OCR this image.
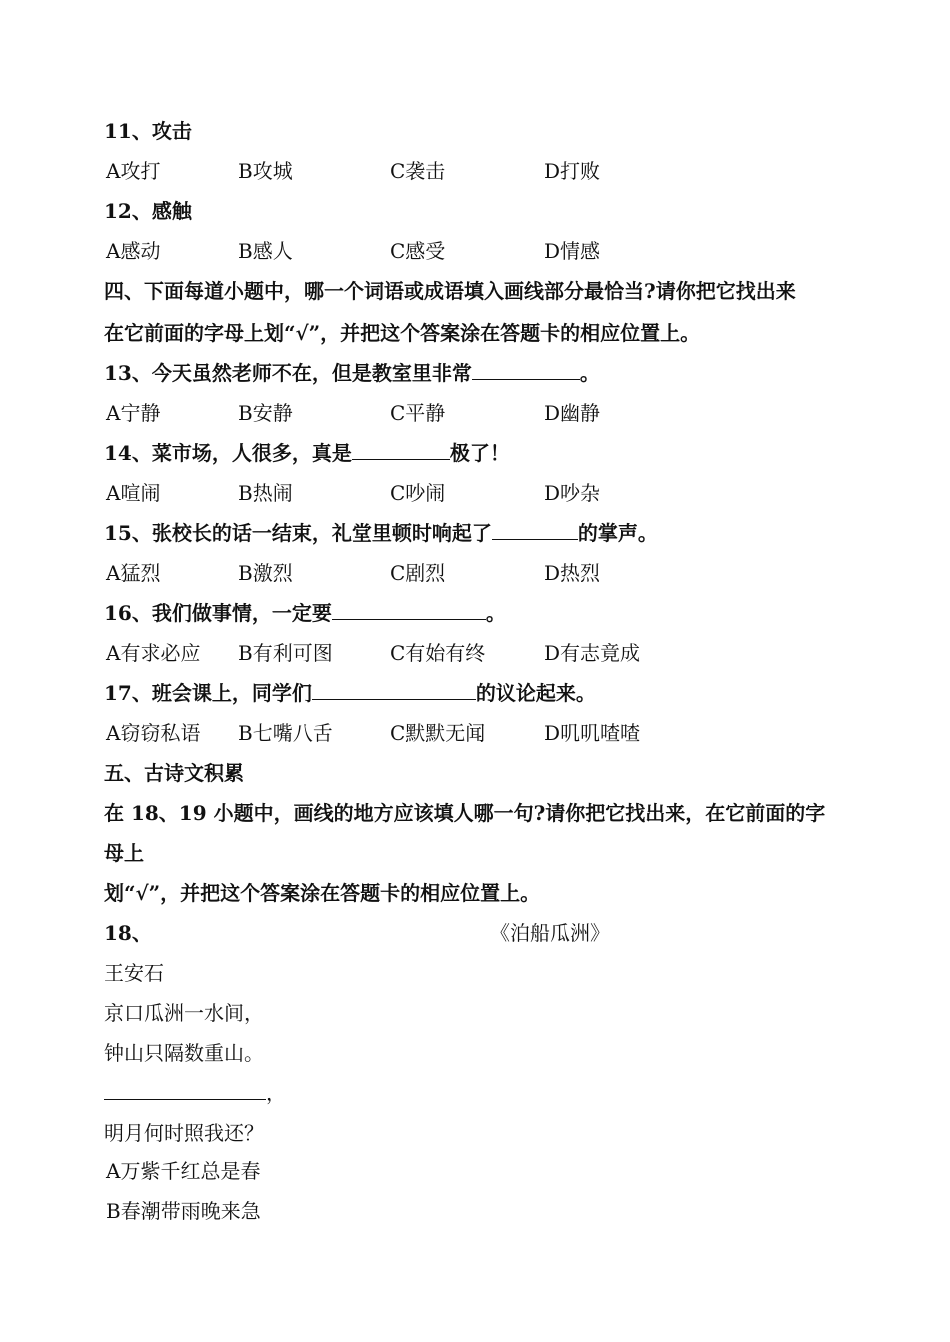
11、攻击
A攻打	B攻城	C袭击	D打败
12、感触
A感动	B感人	C感受	D情感
四、下面每道小题中，哪一个词语或成语填入画线部分最恰当?请你把它找出来
在它前面的字母上划“√”，并把这个答案涂在答题卡的相应位置上。
13、今天虽然老师不在，但是教室里非常	。
A宁静	B安静	C平静	D幽静
14、菜市场，人很多，真是	极了！
A喧闹	B热闹	C吵闹	D吵杂
15、张校长的话一结束，礼堂里顿时响起了	的掌声。
A猛烈	B激烈	C剧烈	D热烈
16、我们做事情，一定要	。
A有求必应 B有利可图	C有始有终	D有志竟成
17、班会课上，同学们	的议论起来。
A窃窃私语 B七嘴八舌	C默默无闻	D叽叽喳喳
五、古诗文积累
在 18、19 小题中，画线的地方应该填人哪一句?请你把它找出来，在它前面的字
母上
划“√”，并把这个答案涂在答题卡的相应位置上。
18、	《泊船瓜洲》
王安石
京口瓜洲一水间，
钟山只隔数重山。
，
明月何时照我还？
A万紫千红总是春
B春潮带雨晚来急
